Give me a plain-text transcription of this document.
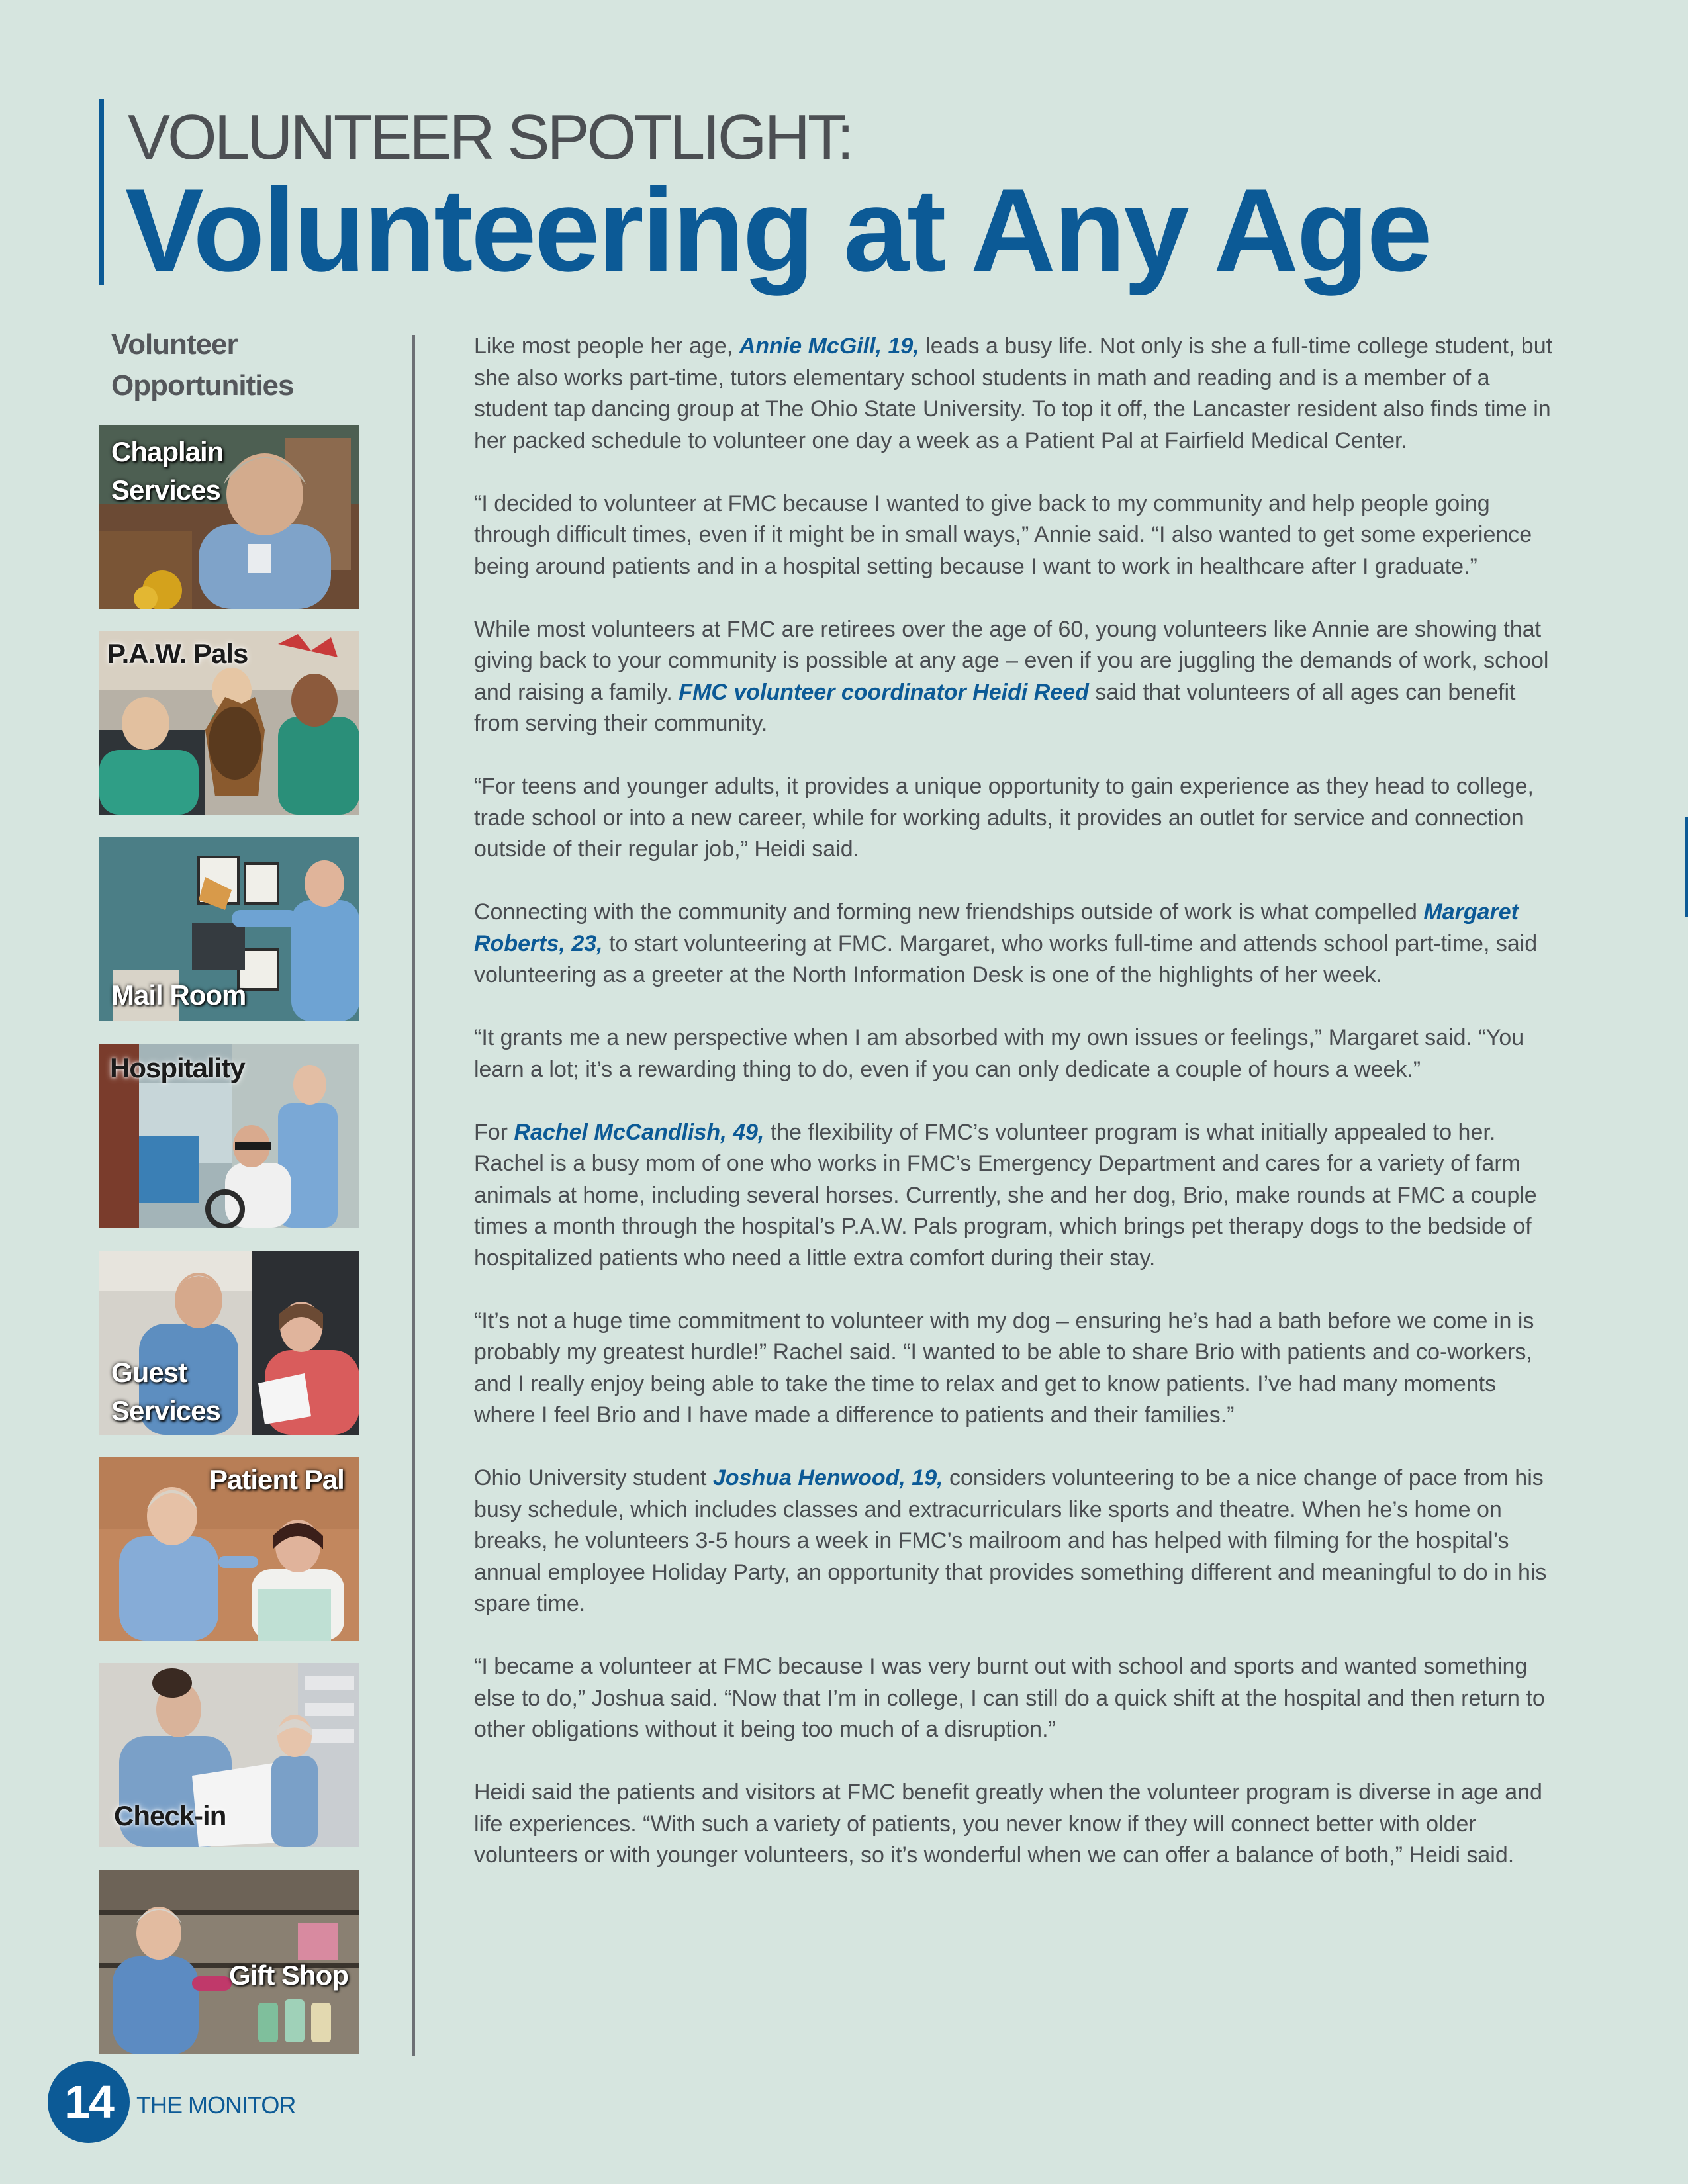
VOLUNTEER SPOTLIGHT:
Volunteering at Any Age
Volunteer
Opportunities
Chaplain
Services
P.A.W. Pals
Mail Room
Hospitality
Guest
Services
Patient Pal
Check-in
Gift Shop

Like most people her age, Annie McGill, 19, leads a busy life. Not only is she a full-time college student, but she also works part-time, tutors elementary school students in math and reading and is a member of a student tap dancing group at The Ohio State University. To top it off, the Lancaster resident also finds time in her packed schedule to volunteer one day a week as a Patient Pal at Fairfield Medical Center.

“I decided to volunteer at FMC because I wanted to give back to my community and help people going through difficult times, even if it might be in small ways,” Annie said. “I also wanted to get some experience being around patients and in a hospital setting because I want to work in healthcare after I graduate.”

While most volunteers at FMC are retirees over the age of 60, young volunteers like Annie are showing that giving back to your community is possible at any age – even if you are juggling the demands of work, school and raising a family. FMC volunteer coordinator Heidi Reed said that volunteers of all ages can benefit from serving their community.

“For teens and younger adults, it provides a unique opportunity to gain experience as they head to college, trade school or into a new career, while for working adults, it provides an outlet for service and connection outside of their regular job,” Heidi said.

Connecting with the community and forming new friendships outside of work is what compelled Margaret Roberts, 23, to start volunteering at FMC. Margaret, who works full-time and attends school part-time, said volunteering as a greeter at the North Information Desk is one of the highlights of her week.

“It grants me a new perspective when I am absorbed with my own issues or feelings,” Margaret said. “You learn a lot; it’s a rewarding thing to do, even if you can only dedicate a couple of hours a week.”

For Rachel McCandlish, 49, the flexibility of FMC’s volunteer program is what initially appealed to her. Rachel is a busy mom of one who works in FMC’s Emergency Department and cares for a variety of farm animals at home, including several horses. Currently, she and her dog, Brio, make rounds at FMC a couple times a month through the hospital’s P.A.W. Pals program, which brings pet therapy dogs to the bedside of hospitalized patients who need a little extra comfort during their stay.

“It’s not a huge time commitment to volunteer with my dog – ensuring he’s had a bath before we come in is probably my greatest hurdle!” Rachel said. “I wanted to be able to share Brio with patients and co-workers, and I really enjoy being able to take the time to relax and get to know patients. I’ve had many moments where I feel Brio and I have made a difference to patients and their families.”

Ohio University student Joshua Henwood, 19, considers volunteering to be a nice change of pace from his busy schedule, which includes classes and extracurriculars like sports and theatre. When he’s home on breaks, he volunteers 3-5 hours a week in FMC’s mailroom and has helped with filming for the hospital’s annual employee Holiday Party, an opportunity that provides something different and meaningful to do in his spare time.

“I became a volunteer at FMC because I was very burnt out with school and sports and wanted something else to do,” Joshua said. “Now that I’m in college, I can still do a quick shift at the hospital and then return to other obligations without it being too much of a disruption.”

Heidi said the patients and visitors at FMC benefit greatly when the volunteer program is diverse in age and life experiences. “With such a variety of patients, you never know if they will connect better with older volunteers or with younger volunteers, so it’s wonderful when we can offer a balance of both,” Heidi said.

14 THE MONITOR
